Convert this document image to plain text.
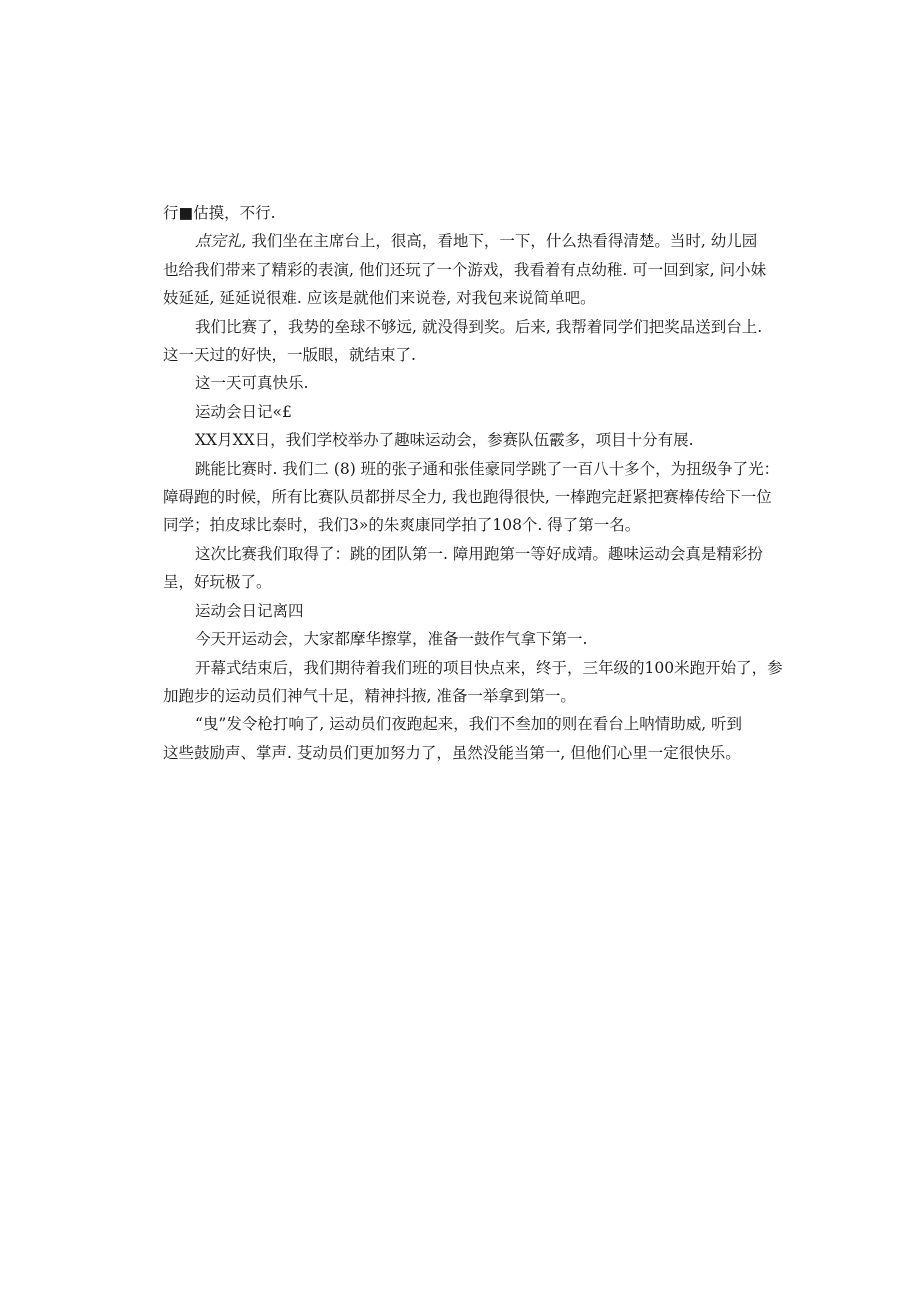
行■估摸，不行.

点完礼, 我们坐在主席台上，很高，看地下，一下，什么热看得清楚。当时, 幼儿园
也给我们带来了精彩的表演, 他们还玩了一个游戏，我看着有点幼稚. 可一回到家, 问小妹
妓延延, 延延说很难. 应该是就他们来说卷, 对我包来说简单吧。

我们比赛了，我势的垒球不够远, 就没得到奖。后来, 我帮着同学们把奖品送到台上.
这一天过的好快，一版眼，就结束了.

这一天可真快乐.

运动会日记«£

XX月XX日，我们学校举办了趣味运动会，参赛队伍霰多，项目十分有展.

跳能比赛时. 我们二 (8) 班的张子通和张佳豪同学跳了一百八十多个，为扭级争了光：
障碍跑的时候，所有比赛队员都拼尽全力, 我也跑得很快, 一棒跑完赶紧把赛棒传给下一位
同学；拍皮球比泰时，我们3»的朱爽康同学拍了108个. 得了第一名。

这次比赛我们取得了：跳的团队第一. 障用跑第一等好成靖。趣味运动会真是精彩扮
呈，好玩极了。

运动会日记离四

今天开运动会，大家都摩华擦掌，准备一鼓作气拿下第一.

开幕式结束后，我们期待着我们班的项目快点来，终于，三年级的100米跑开始了，参
加跑步的运动员们神气十足，精神抖掖, 准备一举拿到第一。

“曳”发令枪打响了, 运动员们夜跑起来，我们不叁加的则在看台上呐情助威, 听到
这些鼓励声、掌声. 芟动员们更加努力了，虽然没能当第一, 但他们心里一定很快乐。
